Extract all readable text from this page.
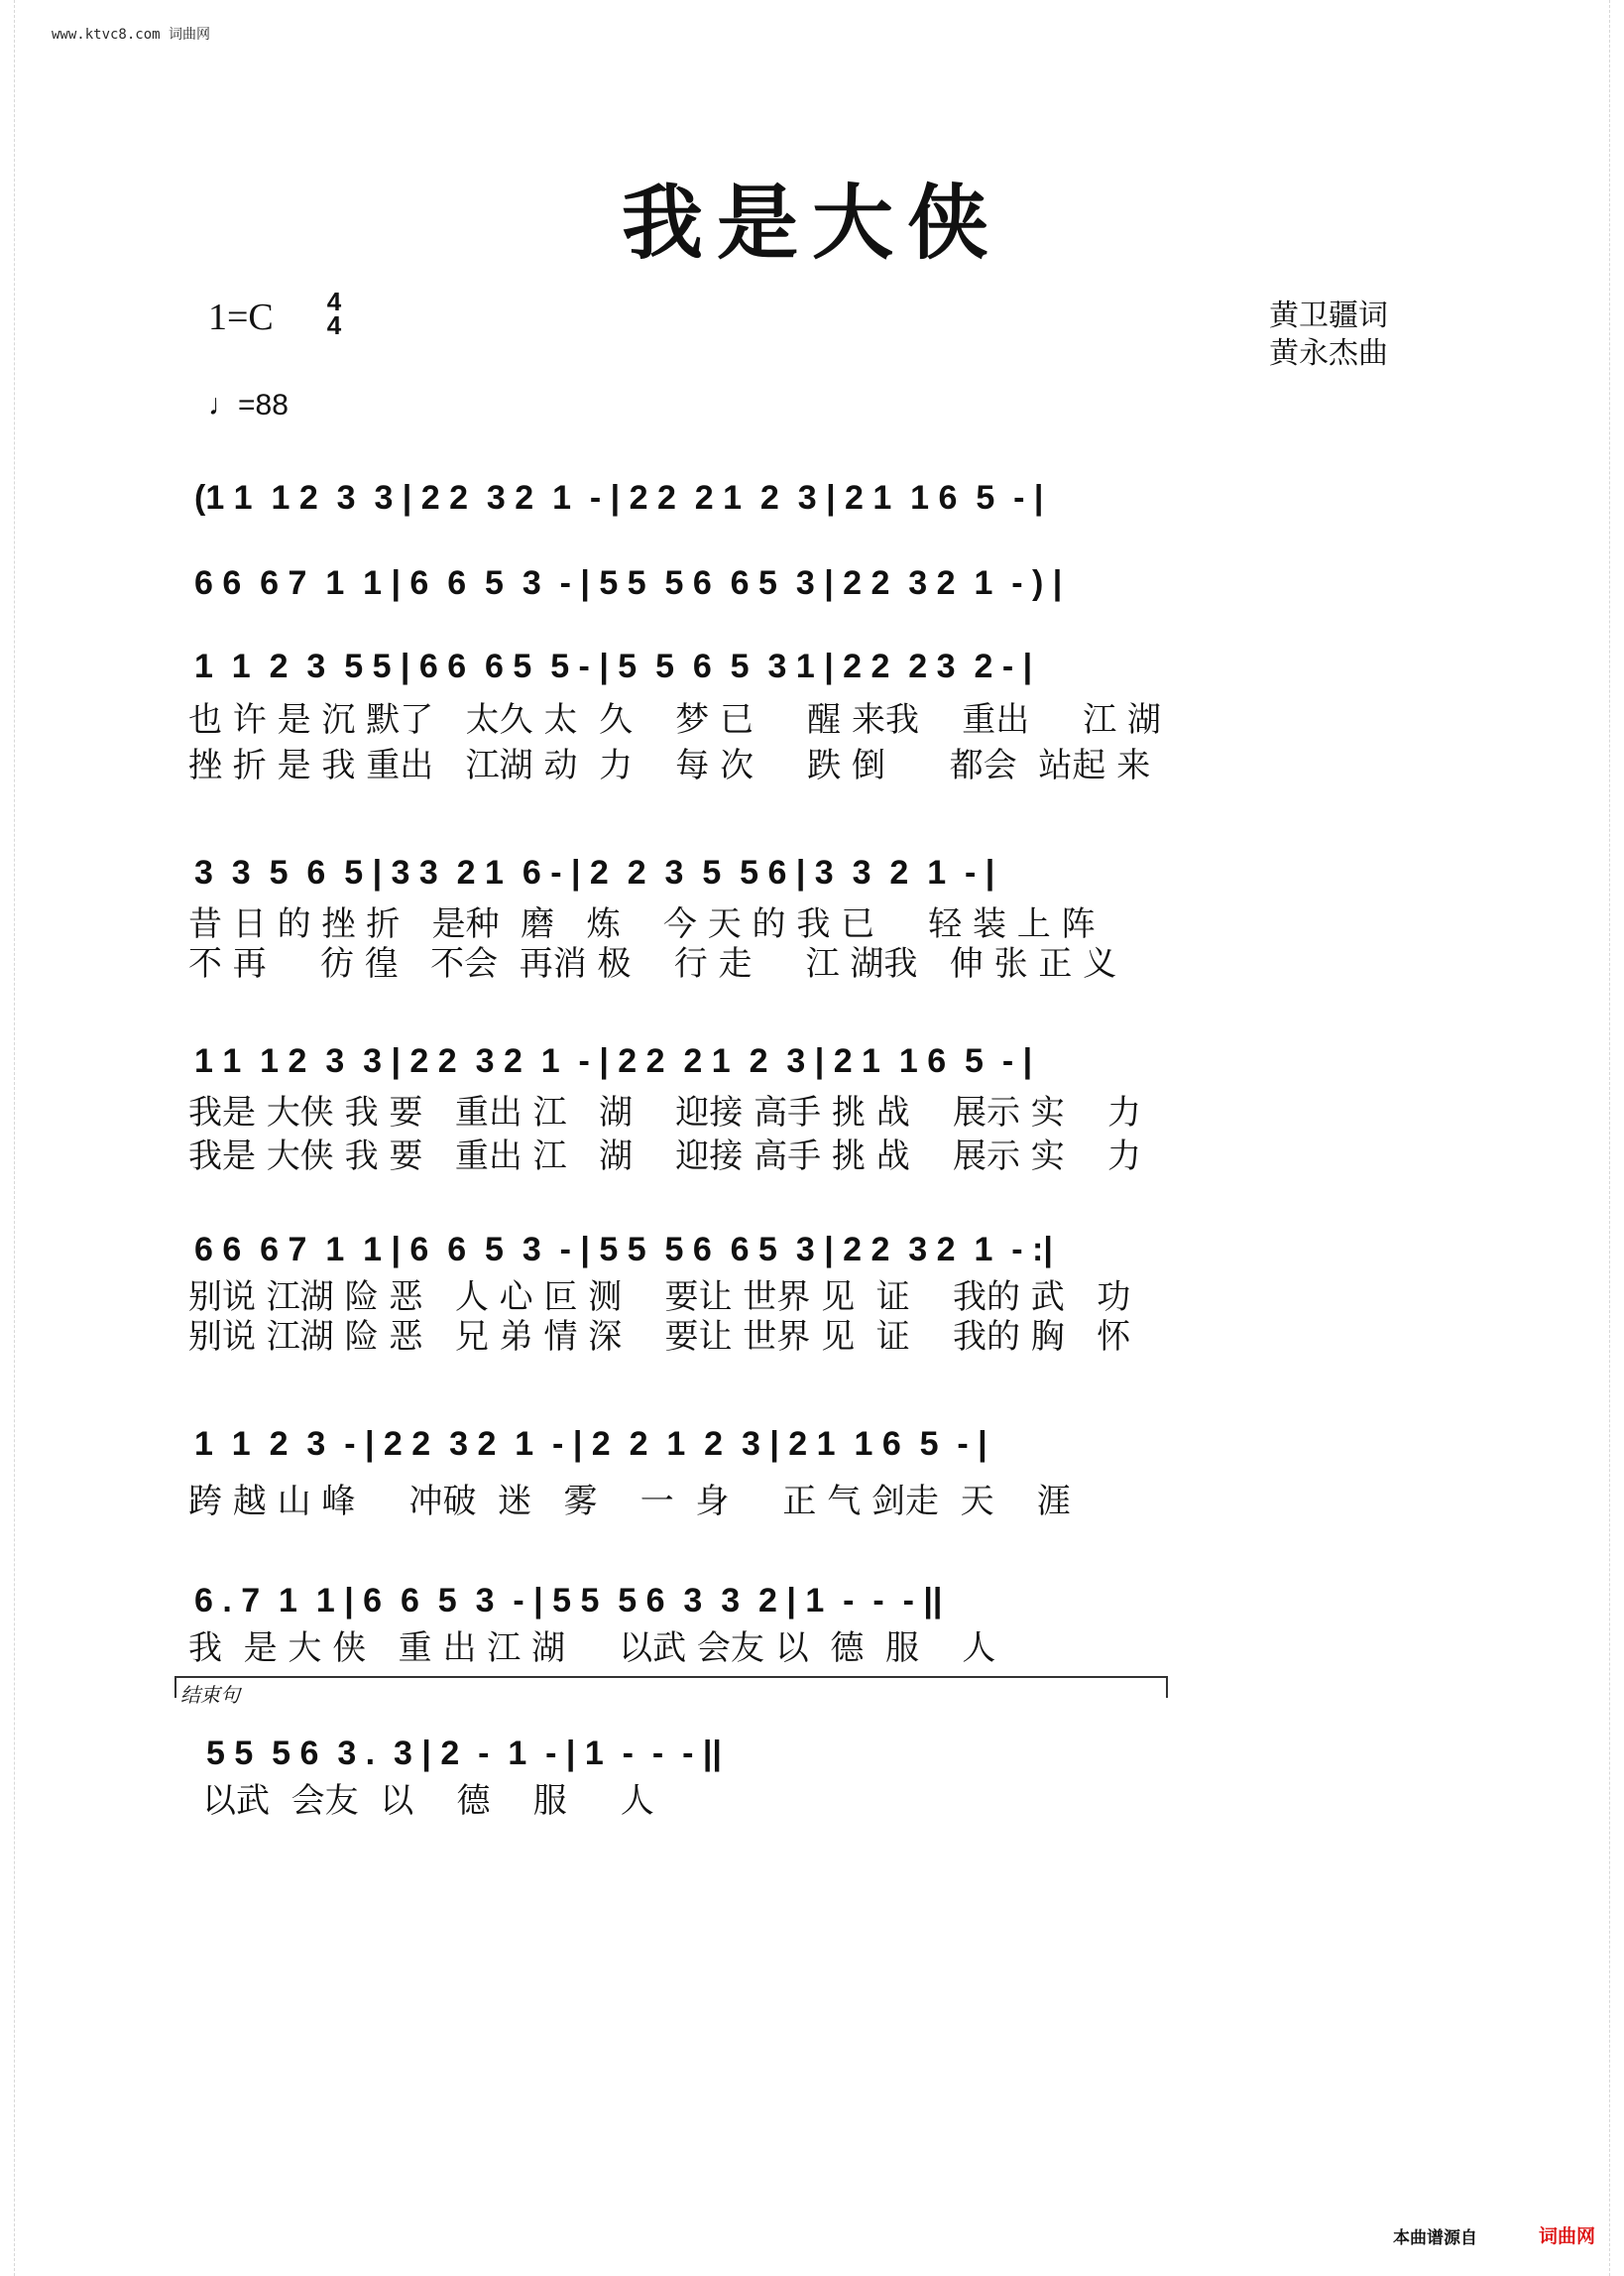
www.ktvc8.com 词曲网
我是大侠
1=C 4
4
♩=88
黄卫疆词
黄永杰曲
(1 1  1 2  3  3 | 2 2  3 2  1  - | 2 2  2 1  2  3 | 2 1  1 6  5  - |
6 6  6 7  1  1 | 6  6  5  3  - | 5 5  5 6  6 5  3 | 2 2  3 2  1  - ) |
1  1  2  3  5 5 | 6 6  6 5  5 - | 5  5  6  5  3 1 | 2 2  2 3  2 - |
也 许 是 沉 默了   太久 太  久    梦 已     醒 来我    重出     江 湖
挫 折 是 我 重出   江湖 动  力    每 次     跌 倒      都会  站起 来
3  3  5  6  5 | 3 3  2 1  6 - | 2  2  3  5  5 6 | 3  3  2  1  - |
昔 日 的 挫 折   是种  磨   炼    今 天 的 我 已     轻 装 上 阵
不 再     彷 徨   不会  再消 极    行 走     江 湖我   伸 张 正 义
1 1  1 2  3  3 | 2 2  3 2  1  - | 2 2  2 1  2  3 | 2 1  1 6  5  - |
我是 大侠 我 要   重出 江   湖    迎接 高手 挑 战    展示 实    力
我是 大侠 我 要   重出 江   湖    迎接 高手 挑 战    展示 实    力
6 6  6 7  1  1 | 6  6  5  3  - | 5 5  5 6  6 5  3 | 2 2  3 2  1  - :|
别说 江湖 险 恶   人 心 叵 测    要让 世界 见  证    我的 武   功
别说 江湖 险 恶   兄 弟 情 深    要让 世界 见  证    我的 胸   怀
1  1  2  3  - | 2 2  3 2  1  - | 2  2  1  2  3 | 2 1  1 6  5  - |
跨 越 山 峰     冲破  迷   雾    一  身     正 气 剑走  天    涯
6 . 7  1  1 | 6  6  5  3  - | 5 5  5 6  3  3  2 | 1  -  -  - ||
我  是 大 侠   重 出 江 湖     以武 会友 以  德  服    人
结束句
5 5  5 6  3 .  3 | 2  -  1  - | 1  -  -  - ||
以武  会友  以    德    服     人
本曲谱源自	词曲网
